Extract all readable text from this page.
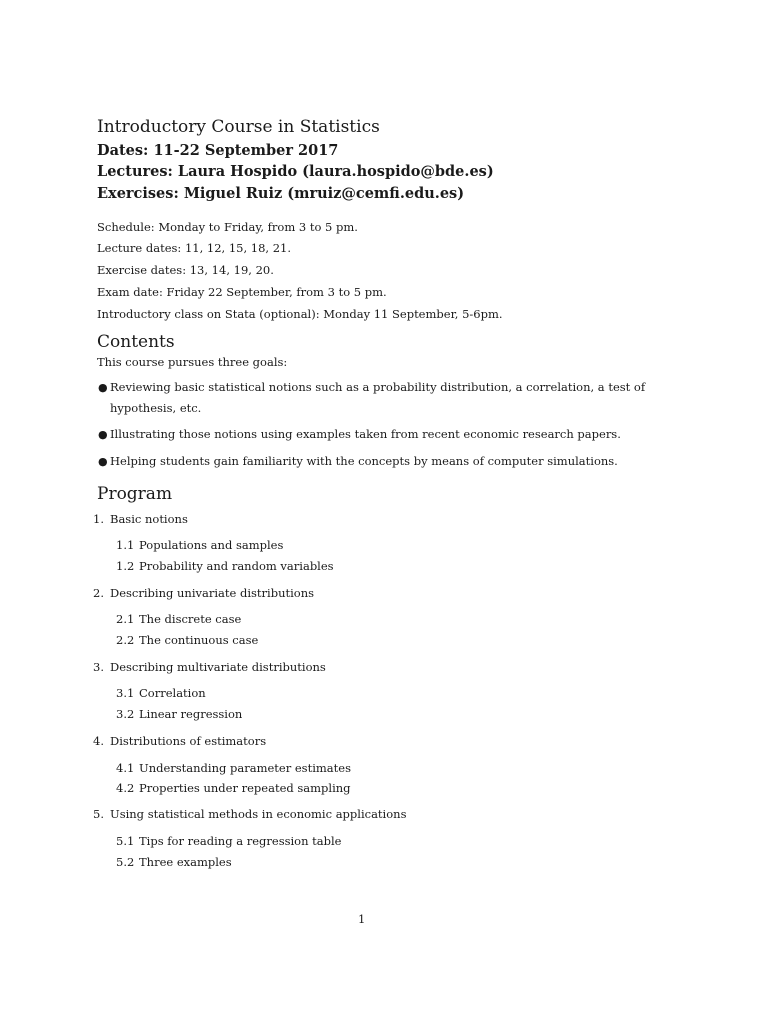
Introductory Course in Statistics
Dates: 11-22 September 2017
Lectures: Laura Hospido (laura.hospido@bde.es)
Exercises: Miguel Ruiz (mruiz@cemfi.edu.es)
Schedule: Monday to Friday, from 3 to 5 pm.
Lecture dates: 11, 12, 15, 18, 21.
Exercise dates: 13, 14, 19, 20.
Exam date: Friday 22 September, from 3 to 5 pm.
Introductory class on Stata (optional): Monday 11 September, 5-6pm.
Contents
This course pursues three goals:
● Reviewing basic statistical notions such as a probability distribution, a correlation, a test of hypothesis, etc.
● Illustrating those notions using examples taken from recent economic research papers.
● Helping students gain familiarity with the concepts by means of computer simulations.
Program
1. Basic notions
1.1 Populations and samples
1.2 Probability and random variables
2. Describing univariate distributions
2.1 The discrete case
2.2 The continuous case
3. Describing multivariate distributions
3.1 Correlation
3.2 Linear regression
4. Distributions of estimators
4.1 Understanding parameter estimates
4.2 Properties under repeated sampling
5. Using statistical methods in economic applications
5.1 Tips for reading a regression table
5.2 Three examples
1
